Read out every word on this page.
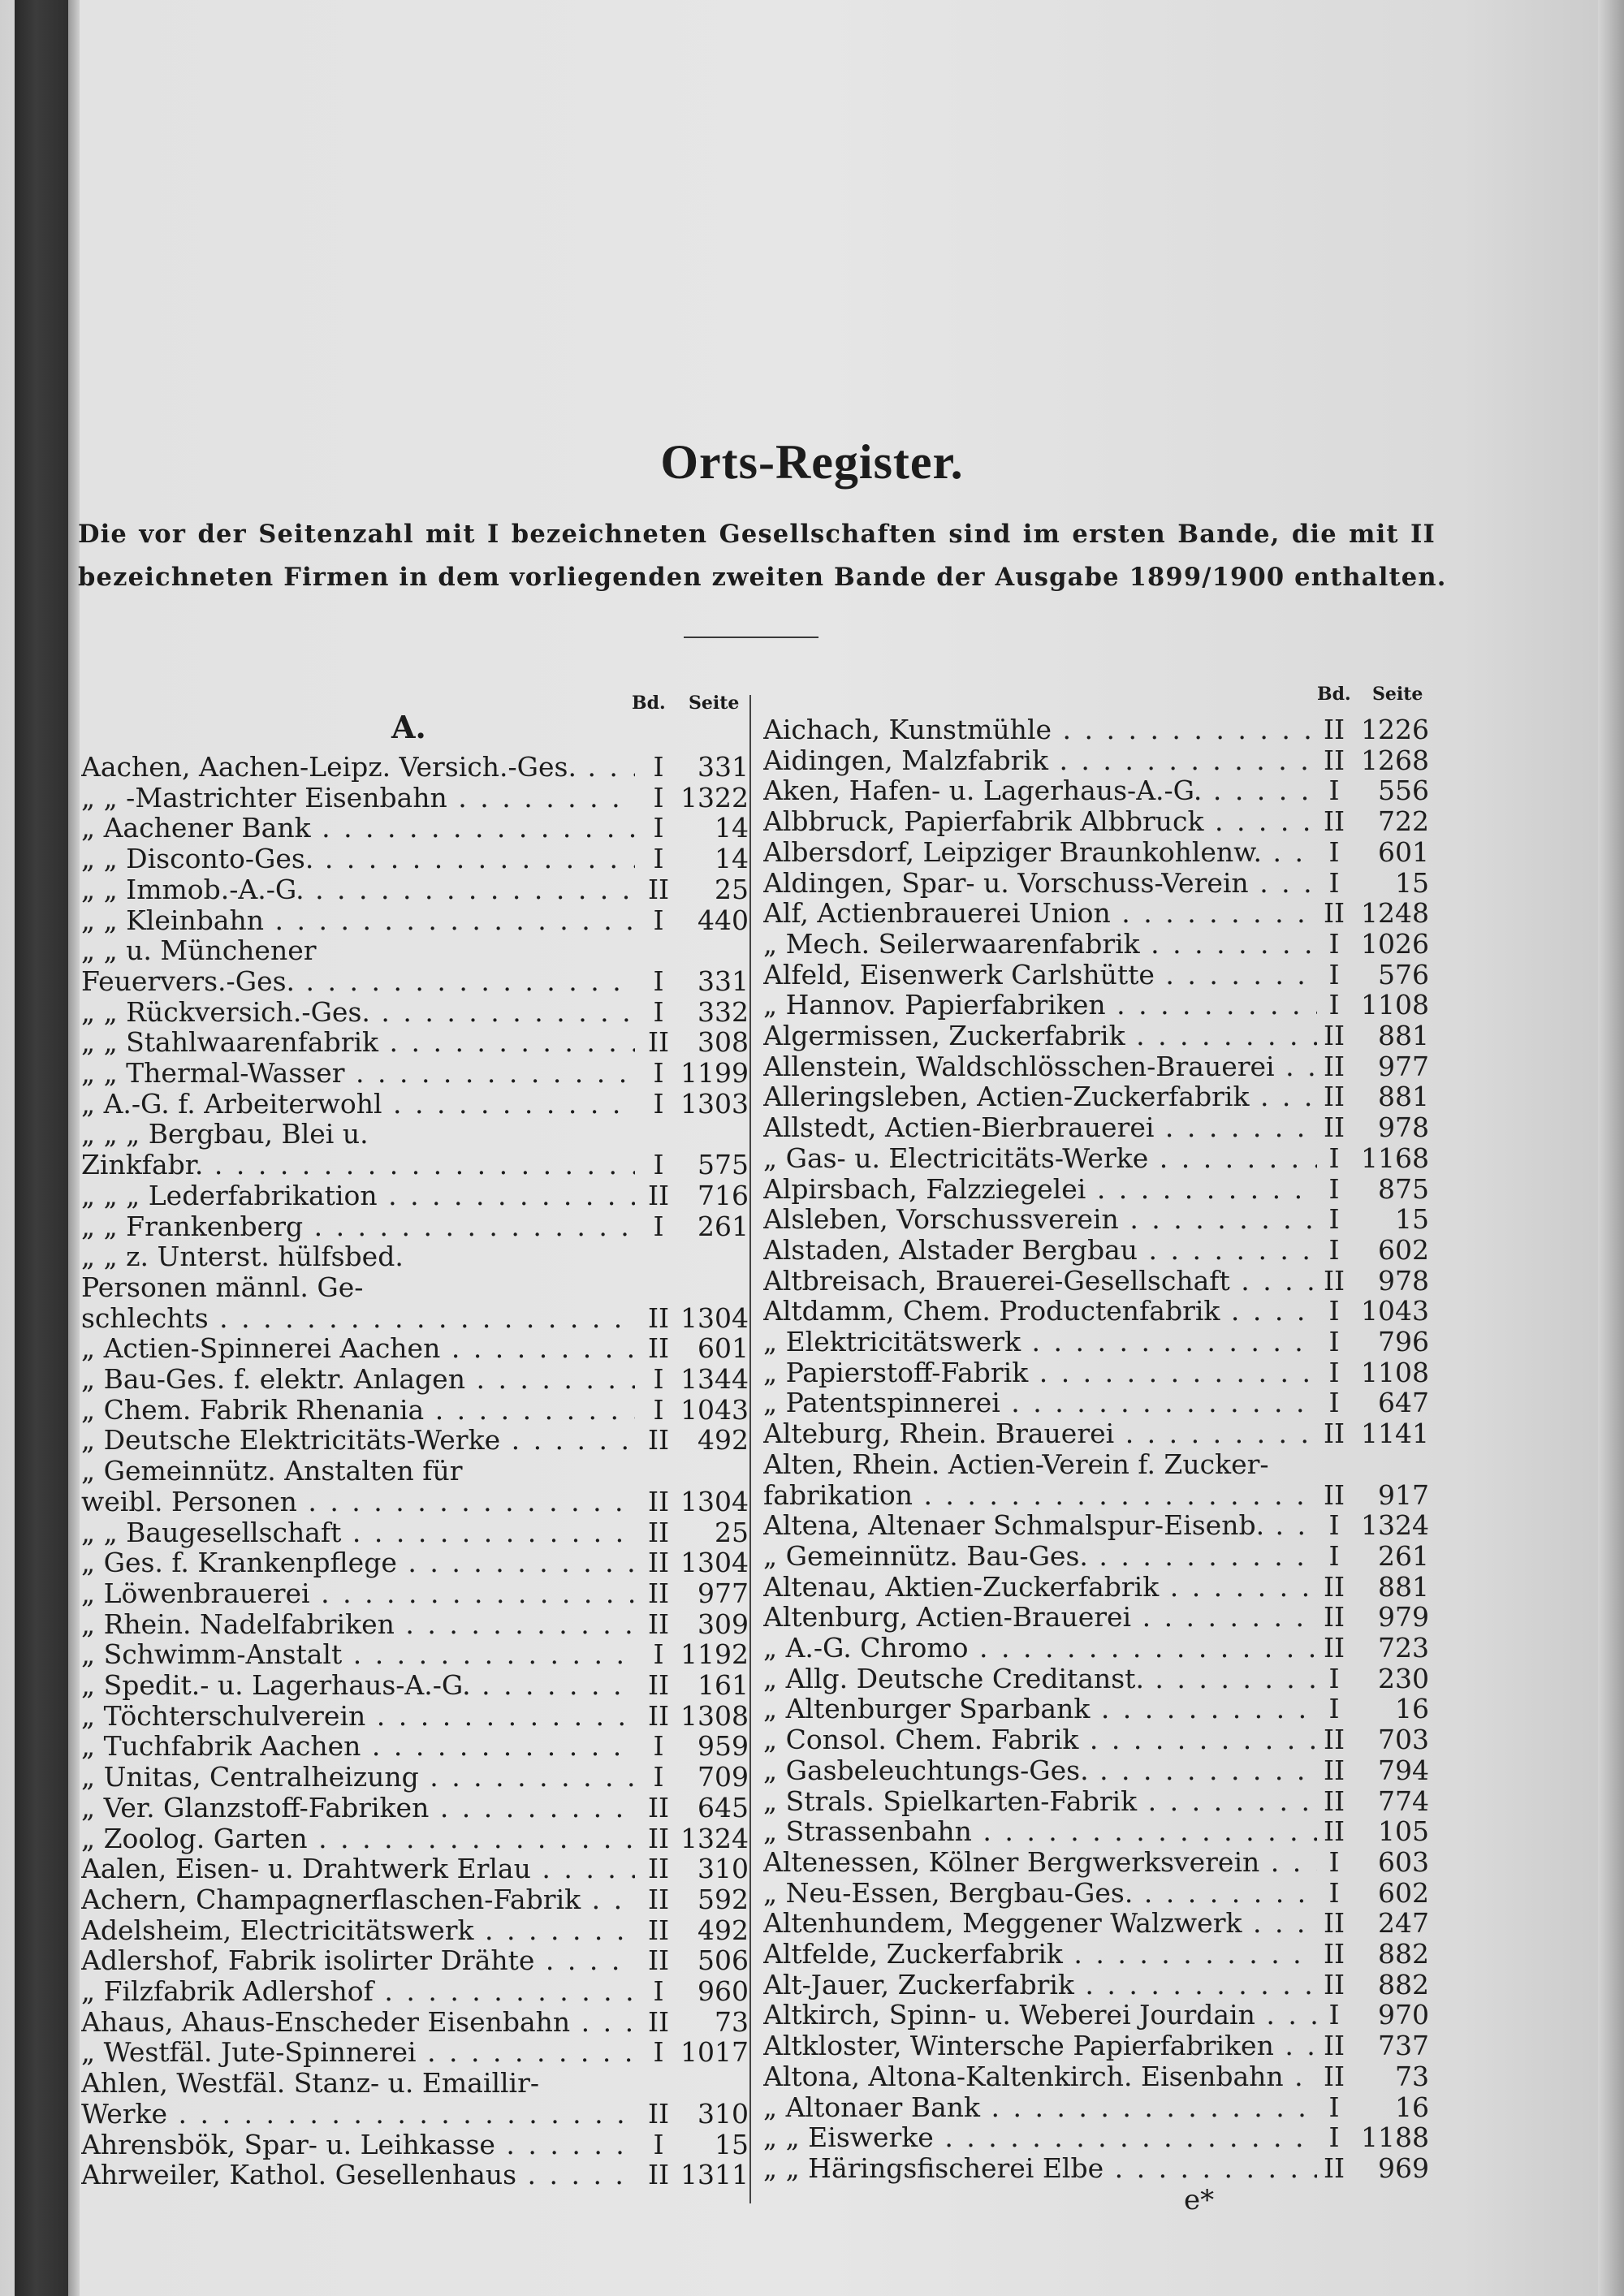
Orts-Register.

Die vor der Seitenzahl mit I bezeichneten Gesellschaften sind im ersten Bande, die mit II

bezeichneten Firmen in dem vorliegenden zweiten Bande der Ausgabe 1899/1900 enthalten.

Bd. Seite	Bd. Seite

A.

Aachen, Aachen-Leipz. Versich.-Ges. . . .	I	331
„ „ -Mastrichter Eisenbahn . . .	I 1322
„ Aachener Bank . . .	I	14
„ „ Disconto-Ges. . . .	I	14
„ „ Immob.-A.-G. . . .	II	25
„ „ Kleinbahn . . .	I	440
„ „ u. Münchener
Feuervers.-Ges. . . .	I	331
„ „ Rückversich.-Ges. . . .	I	332
„ „ Stahlwaarenfabrik . . .	II	308
„ „ Thermal-Wasser . . .	I 1199
„ A.-G. f. Arbeiterwohl . . .	I 1303
„ „ „ Bergbau, Blei u.
Zinkfabr. . . .	I	575
„ „ „ Lederfabrikation . . .	II	716
„ „ Frankenberg . . .	I	261
„ „ z. Unterst. hülfsbed.
Personen männl. Ge-
schlechts . . .	II 1304
„ Actien-Spinnerei Aachen . . .	II	601
„ Bau-Ges. f. elektr. Anlagen . . .	I 1344
„ Chem. Fabrik Rhenania . . .	I 1043
„ Deutsche Elektricitäts-Werke . . .	II	492
„ Gemeinnütz. Anstalten für
weibl. Personen . . .	II 1304
„ „ Baugesellschaft . . .	II	25
„ Ges. f. Krankenpflege . . .	II 1304
„ Löwenbrauerei . . .	II	977
„ Rhein. Nadelfabriken . . .	II	309
„ Schwimm-Anstalt . . .	I 1192
„ Spedit.- u. Lagerhaus-A.-G. . . .	II	161
„ Töchterschulverein . . .	II 1308
„ Tuchfabrik Aachen . . .	I	959
„ Unitas, Centralheizung . . .	I	709
„ Ver. Glanzstoff-Fabriken . . .	II	645
„ Zoolog. Garten . . .	II 1324
Aalen, Eisen- u. Drahtwerk Erlau . . .	II	310
Achern, Champagnerflaschen-Fabrik . . .	II	592
Adelsheim, Electricitätswerk . . .	II	492
Adlershof, Fabrik isolirter Drähte . . .	II	506
„ Filzfabrik Adlershof . . .	I	960
Ahaus, Ahaus-Enscheder Eisenbahn . . .	II	73
„ Westfäl. Jute-Spinnerei . . .	I 1017
Ahlen, Westfäl. Stanz- u. Emaillir-
Werke . . .	II	310
Ahrensbök, Spar- u. Leihkasse . . .	I	15
Ahrweiler, Kathol. Gesellenhaus . . .	II 1311
Aichach, Kunstmühle . . .	II 1226
Aidingen, Malzfabrik . . .	II 1268
Aken, Hafen- u. Lagerhaus-A.-G. . . .	I	556
Albbruck, Papierfabrik Albbruck . . .	II	722
Albersdorf, Leipziger Braunkohlenw. . . .	I	601
Aldingen, Spar- u. Vorschuss-Verein . . .	I	15
Alf, Actienbrauerei Union . . .	II 1248
„ Mech. Seilerwaarenfabrik . . .	I 1026
Alfeld, Eisenwerk Carlshütte . . .	I	576
„ Hannov. Papierfabriken . . .	I 1108
Algermissen, Zuckerfabrik . . .	II	881
Allenstein, Waldschlösschen-Brauerei . . .	II	977
Alleringsleben, Actien-Zuckerfabrik . . .	II	881
Allstedt, Actien-Bierbrauerei . . .	II	978
„ Gas- u. Electricitäts-Werke . . .	I 1168
Alpirsbach, Falzziegelei . . .	I	875
Alsleben, Vorschussverein . . .	I	15
Alstaden, Alstader Bergbau . . .	I	602
Altbreisach, Brauerei-Gesellschaft . . .	II	978
Altdamm, Chem. Productenfabrik . . .	I 1043
„ Elektricitätswerk . . .	I	796
„ Papierstoff-Fabrik . . .	I 1108
„ Patentspinnerei . . .	I	647
Alteburg, Rhein. Brauerei . . .	II 1141
Alten, Rhein. Actien-Verein f. Zucker-
fabrikation . . .	II	917
Altena, Altenaer Schmalspur-Eisenb. . . .	I 1324
„ Gemeinnütz. Bau-Ges. . . .	I	261
Altenau, Aktien-Zuckerfabrik . . .	II	881
Altenburg, Actien-Brauerei . . .	II	979
„ A.-G. Chromo . . .	II	723
„ Allg. Deutsche Creditanst. . . .	I	230
„ Altenburger Sparbank . . .	I	16
„ Consol. Chem. Fabrik . . .	II	703
„ Gasbeleuchtungs-Ges. . . .	II	794
„ Strals. Spielkarten-Fabrik . . .	II	774
„ Strassenbahn . . .	II	105
Altenessen, Kölner Bergwerksverein . . .	I	603
„ Neu-Essen, Bergbau-Ges. . . .	I	602
Altenhundem, Meggener Walzwerk . . .	II	247
Altfelde, Zuckerfabrik . . .	II	882
Alt-Jauer, Zuckerfabrik . . .	II	882
Altkirch, Spinn- u. Weberei Jourdain . . .	I	970
Altkloster, Wintersche Papierfabriken . . .	II	737
Altona, Altona-Kaltenkirch. Eisenbahn . . .	II	73
„ Altonaer Bank . . .	I	16
„ „ Eiswerke . . .	I 1188
„ „ Häringsfischerei Elbe . . .	II	969

e*
